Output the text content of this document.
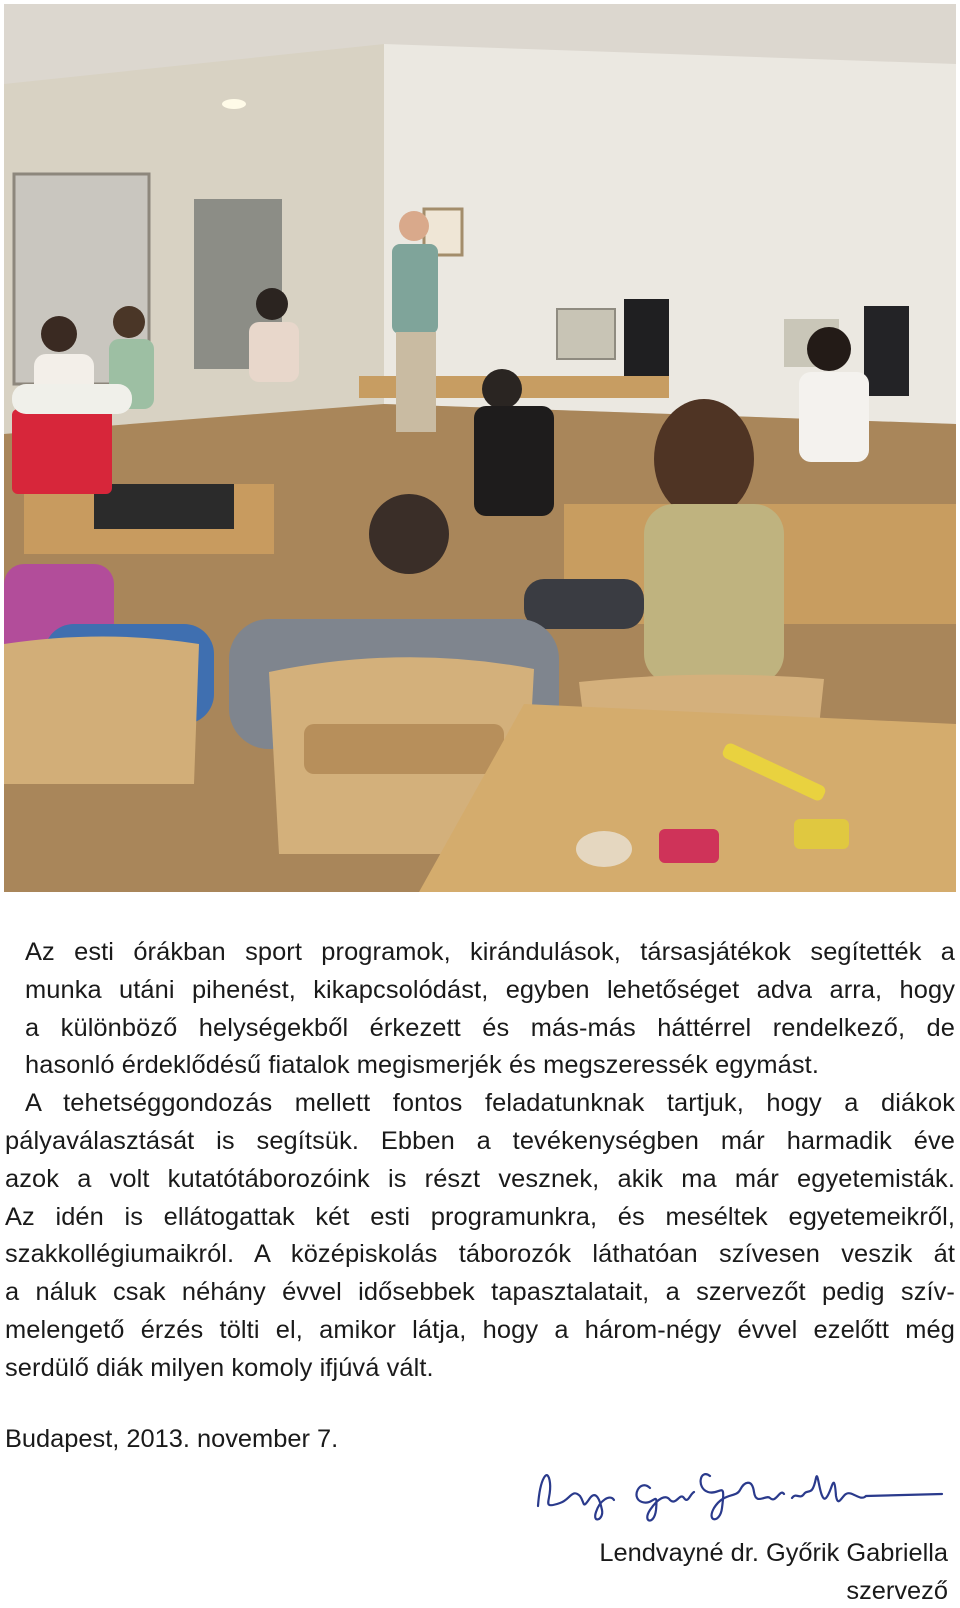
Az esti órákban sport programok, kirándulások, társasjátékok segítették a
munka utáni pihenést, kikapcsolódást, egyben lehetőséget adva arra, hogy
a különböző helységekből érkezett és más-más háttérrel rendelkező, de
hasonló érdeklődésű fiatalok megismerjék és megszeressék egymást.

A tehetséggondozás mellett fontos feladatunknak tartjuk, hogy a diákok
pályaválasztását is segítsük. Ebben a tevékenységben már harmadik éve
azok a volt kutatótáborozóink is részt vesznek, akik ma már egyetemisták.
Az idén is ellátogattak két esti programunkra, és meséltek egyetemeikről,
szakkollégiumaikról. A középiskolás táborozók láthatóan szívesen veszik át
a náluk csak néhány évvel idősebbek tapasztalatait, a szervezőt pedig szív-
melengető érzés tölti el, amikor látja, hogy a három-négy évvel ezelőtt még
serdülő diák milyen komoly ifjúvá vált.

Budapest, 2013. november 7.
Lendvayné dr. Győrik Gabriella
szervező
